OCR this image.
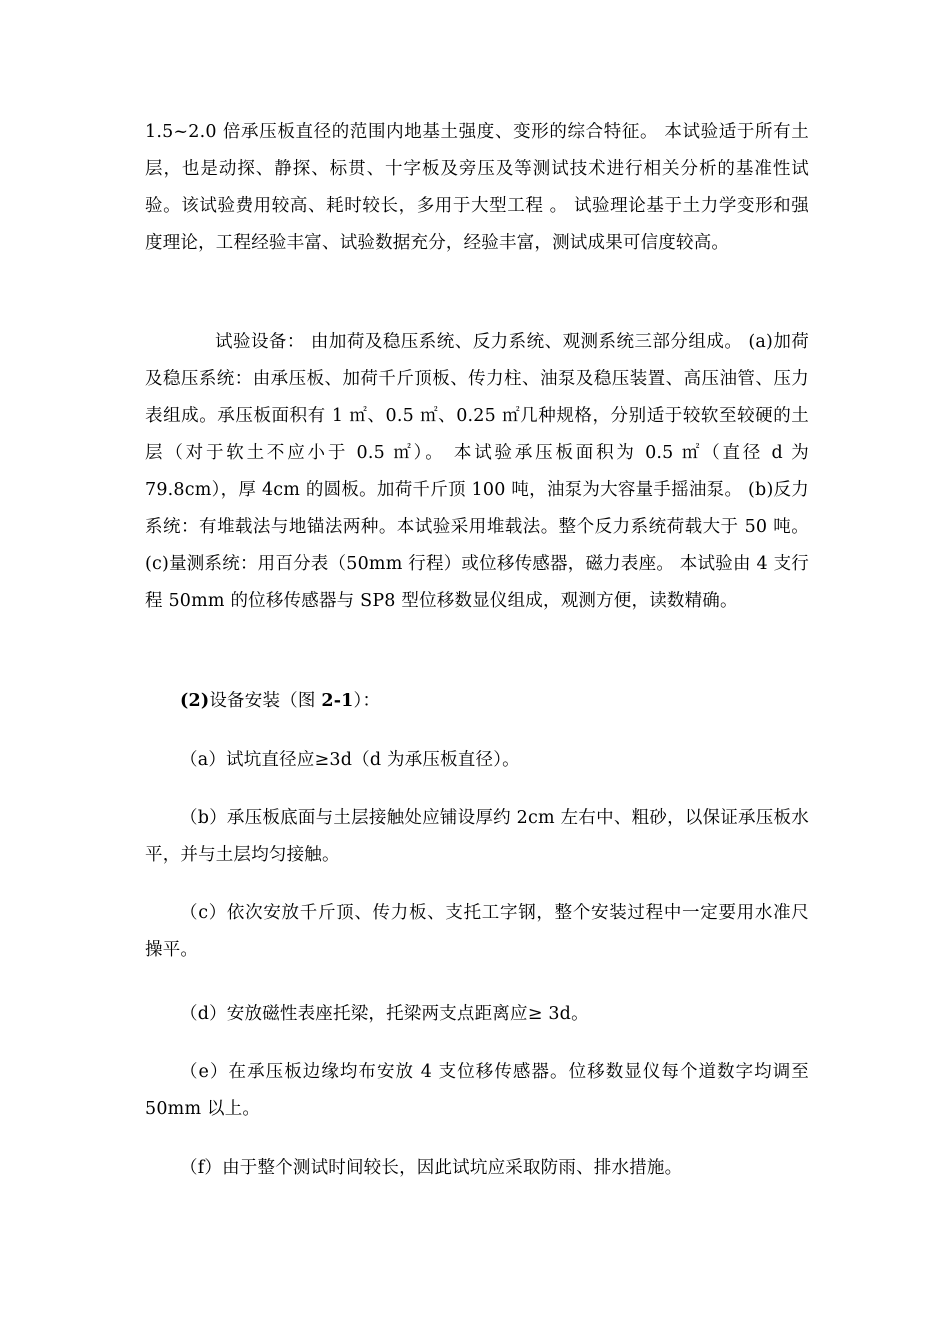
1.5~2.0 倍承压板直径的范围内地基土强度、变形的综合特征。 本试验适于所有土层，也是动探、静探、标贯、十字板及旁压及等测试技术进行相关分析的基准性试验。该试验费用较高、耗时较长，多用于大型工程 。 试验理论基于土力学变形和强度理论，工程经验丰富、试验数据充分，经验丰富，测试成果可信度较高。

试验设备： 由加荷及稳压系统、反力系统、观测系统三部分组成。 (a)加荷及稳压系统：由承压板、加荷千斤顶板、传力柱、油泵及稳压装置、高压油管、压力表组成。承压板面积有 1 ㎡、0.5 ㎡、0.25 ㎡几种规格，分别适于较软至较硬的土层（对于软土不应小于 0.5 ㎡）。 本试验承压板面积为 0.5 ㎡（直径 d 为 79.8cm），厚 4cm 的圆板。加荷千斤顶 100 吨，油泵为大容量手摇油泵。 (b)反力系统：有堆载法与地锚法两种。本试验采用堆载法。整个反力系统荷载大于 50 吨。 (c)量测系统：用百分表（50mm 行程）或位移传感器，磁力表座。 本试验由 4 支行程 50mm 的位移传感器与 SP8 型位移数显仪组成，观测方便，读数精确。

(2)设备安装（图 2-1）：

（a）试坑直径应≥3d（d 为承压板直径）。

（b）承压板底面与土层接触处应铺设厚约 2cm 左右中、粗砂，以保证承压板水平，并与土层均匀接触。

（c）依次安放千斤顶、传力板、支托工字钢，整个安装过程中一定要用水准尺操平。

（d）安放磁性表座托梁，托梁两支点距离应≥ 3d。

（e）在承压板边缘均布安放 4 支位移传感器。位移数显仪每个道数字均调至 50mm 以上。

（f）由于整个测试时间较长，因此试坑应采取防雨、排水措施。
